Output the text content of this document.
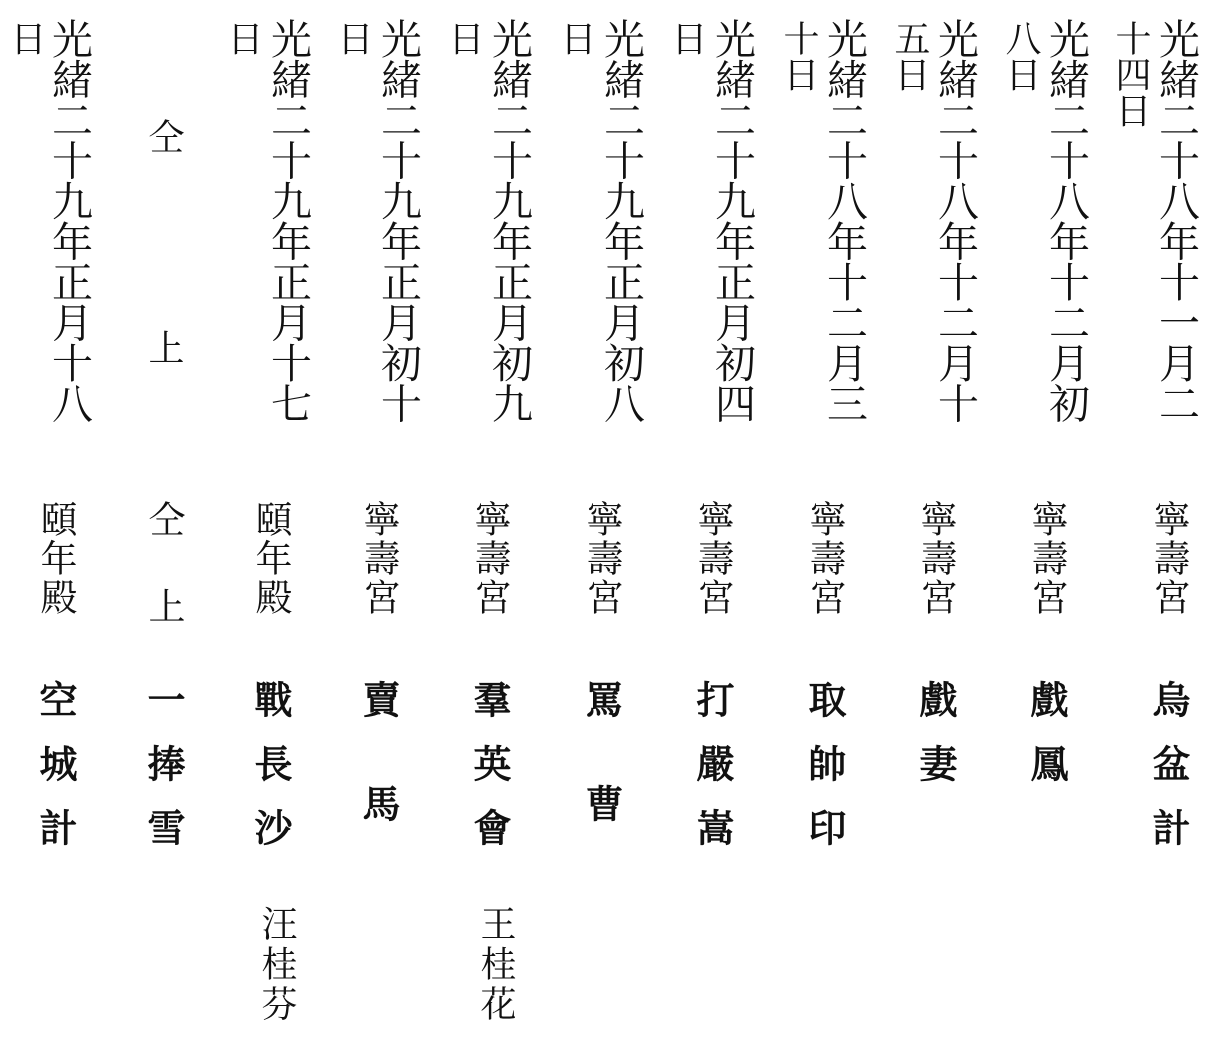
光緒二十八年十一月二

十四日

寧壽宮

烏盆計

光緒二十八年十二月初

八日

寧壽宮

戲鳳

光緒二十八年十二月十

五日

寧壽宮

戲妻

光緒二十八年十二月三

十日

寧壽宮

取帥印

光緒二十九年正月初四

日

寧壽宮

打嚴嵩

光緒二十九年正月初八

日

寧壽宮

罵曹

光緒二十九年正月初九

日

寧壽宮

羣英會

王桂花

光緒二十九年正月初十

日

寧壽宮

賣馬

光緒二十九年正月十七

日

頤年殿

戰長沙

汪桂芬

仝上

仝上

一捧雪

光緒二十九年正月十八

日

頤年殿

空城計
